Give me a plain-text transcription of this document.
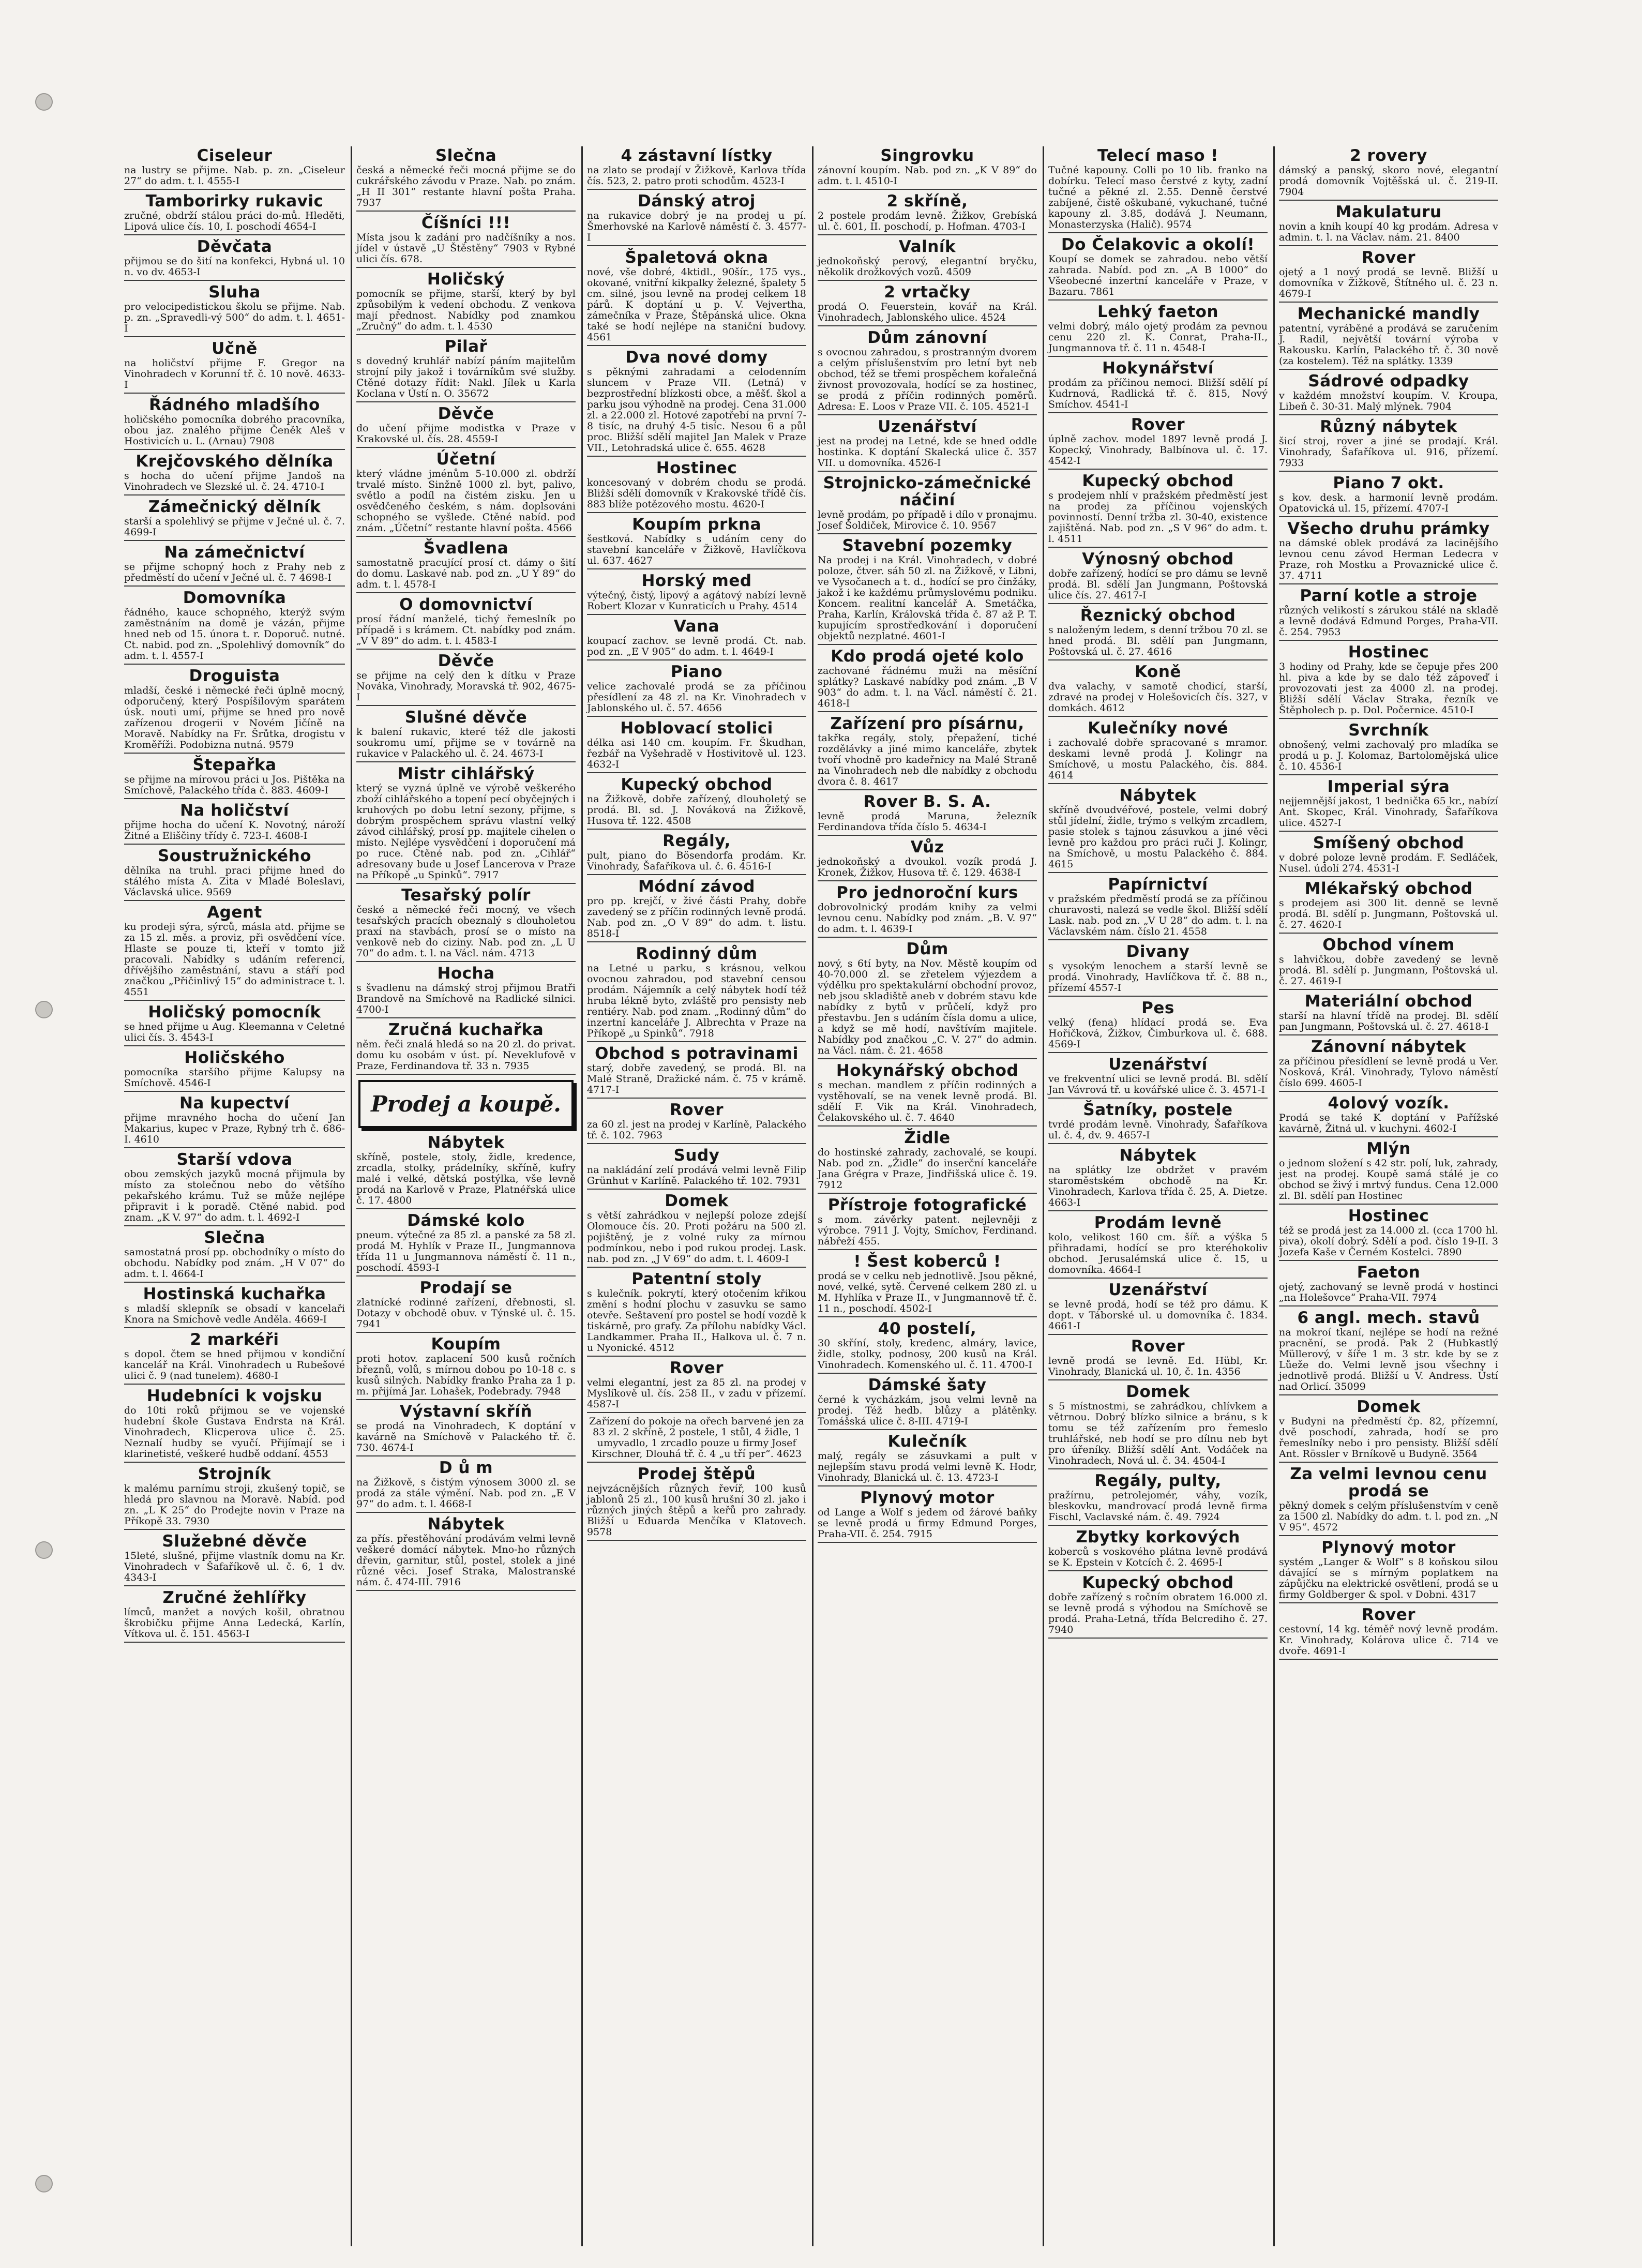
Ciseleur

na lustry se přijme. Nab. p. zn. „Ciseleur 27“ do adm. t. l. 4555-I

Tamborirky rukavic

zručné, obdrží stálou práci do-mů. Hleděti, Lipová ulice čís. 10, I. poschodí 4654-I

Děvčata

přijmou se do šití na konfekci, Hybná ul. 10 n. vo dv. 4653-I

Sluha

pro velocipedistickou školu se přijme. Nab. p. zn. „Spravedli-vý 500“ do adm. t. l. 4651-I

Učně

na holičství přijme F. Gregor na Vinohradech v Korunní tř. č. 10 nově. 4633-I

Řádného mladšího

holičského pomocníka dobrého pracovníka, obou jaz. znalého přijme Čeněk Aleš v Hostivicích u. L. (Arnau) 7908

Krejčovského dělníka

s hocha do učení přijme Jandoš na Vinohradech ve Slezské ul. č. 24. 4710-I

Zámečnický dělník

starší a spolehlivý se přijme v Ječné ul. č. 7. 4699-I

Na zámečnictví

se přijme schopný hoch z Prahy neb z předměstí do učení v Ječné ul. č. 7 4698-I

Domovníka

řádného, kauce schopného, kterýž svým zaměstnáním na domě je vázán, přijme hned neb od 15. února t. r. Doporuč. nutné. Ct. nabid. pod zn. „Spolehlivý domovník“ do adm. t. l. 4557-I

Droguista

mladší, české i německé řeči úplně mocný, odporučený, který Pospíšilovým sparátem úsk. nouti umí, přijme se hned pro nově zařízenou drogerii v Novém Jičíně na Moravě. Nabídky na Fr. Šrůtka, drogistu v Kroměříži. Podobizna nutná. 9579

Štepařka

se přijme na mírovou práci u Jos. Pištěka na Smíchově, Palackého třída č. 883. 4609-I

Na holičství

přijme hocha do učení K. Novotný, nároží Žitné a Eliščiny třídy č. 723-I. 4608-I

Soustružnického

dělníka na truhl. praci přijme hned do stálého místa A. Zita v Mladé Boleslavi, Václavská ulice. 9569

Agent

ku prodeji sýra, sýrců, másla atd. přijme se za 15 zl. měs. a proviz, při osvědčení více. Hlaste se pouze ti, kteří v tomto již pracovali. Nabídky s udáním referencí, dřívějšího zaměstnání, stavu a stáří pod značkou „Přičinlivý 15“ do administrace t. l. 4551

Holičský pomocník

se hned přijme u Aug. Kleemanna v Celetné ulici čís. 3. 4543-I

Holičského

pomocníka staršího přijme Kalupsy na Smíchově. 4546-I

Na kupectví

přijme mravného hocha do učení Jan Makarius, kupec v Praze, Rybný trh č. 686-I. 4610

Starší vdova

obou zemských jazyků mocná přijmula by místo za stolečnou nebo do většího pekařského krámu. Tuž se může nejlépe připravit i k poradě. Ctěné nabid. pod znam. „K V. 97“ do adm. t. l. 4692-I

Slečna

samostatná prosí pp. obchodníky o místo do obchodu. Nabídky pod znám. „H V 07“ do adm. t. l. 4664-I

Hostinská kuchařka

s mladší sklepník se obsadí v kancelaři Knora na Smíchově vedle Anděla. 4669-I

2 markéři

s dopol. čtem se hned přijmou v kondiční kancelář na Král. Vinohradech u Rubešové ulici č. 9 (nad tunelem). 4680-I

Hudebníci k vojsku

do 10ti roků přijmou se ve vojenské hudební škole Gustava Endrsta na Král. Vinohradech, Klicperova ulice č. 25. Neznalí hudby se vyučí. Přijímají se i klarinetisté, veškeré hudbě oddaní. 4553

Strojník

k malému parnímu stroji, zkušený topič, se hledá pro slavnou na Moravě. Nabíd. pod zn. „L K 25“ do Prodejte novin v Praze na Příkopě 33. 7930

Služebné děvče

15leté, slušné, přijme vlastník domu na Kr. Vinohradech v Šafaříkově ul. č. 6, 1 dv. 4343-I

Zručné žehlířky

límců, manžet a nových košil, obratnou škrobičku přijme Anna Ledecká, Karlín, Vítkova ul. č. 151. 4563-I

Slečna

česká a německé řeči mocná přijme se do cukrářského závodu v Praze. Nab. po znám. „H II 301“ restante hlavní pošta Praha. 7937

Číšníci !!!

Místa jsou k zadání pro nadčíšníky a nos. jídel v ústavě „U Štěstěny“ 7903 v Rybné ulici čís. 678.

Holičský

pomocník se přijme, starší, který by byl způsobilým k vedení obchodu. Z venkova mají přednost. Nabídky pod znamkou „Zručný“ do adm. t. l. 4530

Pilař

s dovedný kruhlář nabízí páním majitelům strojní pily jakož i továrníkům své služby. Ctěné dotazy řídit: Nakl. Jílek u Karla Koclana v Ústí n. O. 35672

Děvče

do učení přijme modistka v Praze v Krakovské ul. čís. 28. 4559-I

Účetní

který vládne jménům 5-10.000 zl. obdrží trvalé místo. Sinžně 1000 zl. byt, palivo, světlo a podíl na čistém zisku. Jen u osvědčeného českém, s nám. doplsováni schopného se vyšlede. Ctěné nabíd. pod znám. „Účetní“ restante hlavní pošta. 4566

Švadlena

samostatně pracující prosí ct. dámy o šití do domu. Laskavé nab. pod zn. „U Y 89“ do adm. t. l. 4578-I

O domovnictví

prosí řádní manželé, tichý řemeslník po případě i s krámem. Ct. nabídky pod znám. „V V 89“ do adm. t. l. 4583-I

Děvče

se přijme na celý den k dítku v Praze Nováka, Vinohrady, Moravská tř. 902, 4675-I

Slušné děvče

k balení rukavic, které též dle jakosti soukromu umí, přijme se v továrně na rukavice v Palackého ul. č. 24. 4673-I

Mistr cihlářský

který se vyzná úplně ve výrobě veškerého zboží cihlářského a topení pecí obyčejných i kruhových po dobu letní sezony, přijme, s dobrým prospěchem správu vlastní velký závod cihlářský, prosí pp. majitele cihelen o místo. Nejlépe vysvědčení i doporučení má po ruce. Ctěné nab. pod zn. „Cihlář“ adresovany bude u Josef Lancerova v Praze na Příkopě „u Spinků“. 7917

Tesařský polír

české a německé řeči mocný, ve všech tesařských pracích obeznalý s dlouholetou praxí na stavbách, prosí se o místo na venkově neb do ciziny. Nab. pod zn. „L U 70“ do adm. t. l. na Václ. nám. 4713

Hocha

s švadlenu na dámský stroj přijmou Bratři Brandově na Smíchově na Radlické silnici. 4700-I

Zručná kuchařka

něm. řeči znalá hledá so na 20 zl. do privat. domu ku osobám v úst. pí. Neveklufově v Praze, Ferdinandova tř. 33 n. 7935

Prodej a koupě.
Nábytek

skříně, postele, stoly, židle, kredence, zrcadla, stolky, prádelníky, skříně, kufry malé i velké, dětská postýlka, vše levně prodá na Karlově v Praze, Platnéřská ulice č. 17. 4800

Dámské kolo

pneum. výtečné za 85 zl. a panské za 58 zl. prodá M. Hyhlík v Praze II., Jungmannova třída 11 u Jungmannova náměstí č. 11 n., poschodí. 4593-I

Prodají se

zlatnícké rodinné zařízení, dřebnosti, sl. Dotazy v obchodě obuv. v Týnské ul. č. 15. 7941

Koupím

proti hotov. zaplacení 500 kusů ročních březnů, volů, s mírnou dobou po 10-18 c. s kusů silných. Nabídky franko Praha za 1 p. m. přijímá Jar. Lohašek, Podebrady. 7948

Výstavní skříň

se prodá na Vinohradech, K doptání v kavárně na Smíchově v Palackého tř. č. 730. 4674-I

D ů m

na Žižkově, s čistým výnosem 3000 zl. se prodá za stále výmění. Nab. pod zn. „E V 97“ do adm. t. l. 4668-I

Nábytek

za přís. přestěhování prodávám velmi levně veškeré domácí nábytek. Mno-ho různých dřevin, garnitur, stůl, postel, stolek a jiné různé věci. Josef Straka, Malostranské nám. č. 474-III. 7916

4 zástavní lístky

na zlato se prodají v Žižkově, Karlova třída čís. 523, 2. patro proti schodům. 4523-I

Dánský atroj

na rukavice dobrý je na prodej u pí. Šmerhovské na Karlově náměstí č. 3. 4577-I

Špaletová okna

nové, vše dobré, 4ktidl., 90šír., 175 vys., okované, vnitřní kikpalky železné, špalety 5 cm. silné, jsou levně na prodej celkem 18 párů. K doptání u p. V. Vejvertha, zámečníka v Praze, Štěpánská ulice. Okna také se hodí nejlépe na staniční budovy. 4561

Dva nové domy

s pěknými zahradami a celodenním sluncem v Praze VII. (Letná) v bezprostřední blízkosti obce, a měšť. škol a parku jsou výhodně na prodej. Cena 31.000 zl. a 22.000 zl. Hotové zapotřebí na první 7-8 tisíc, na druhý 4-5 tisíc. Nesou 6 a půl proc. Bližší sdělí majitel Jan Malek v Praze VII., Letohradská ulice č. 655. 4628

Hostinec

koncesovaný v dobrém chodu se prodá. Bližší sdělí domovník v Krakovské třídě čís. 883 blíže potězového mostu. 4620-I

Koupím prkna

šestková. Nabídky s udáním ceny do stavební kanceláře v Žižkově, Havlíčkova ul. 637. 4627

Horský med

výtečný, čistý, lipový a agátový nabízí levně Robert Klozar v Kunraticích u Prahy. 4514

Vana

koupací zachov. se levně prodá. Ct. nab. pod zn. „E V 905“ do adm. t. l. 4649-I

Piano

velice zachovalé prodá se za příčinou přesídlení za 48 zl. na Kr. Vinohradech v Jablonského ul. č. 57. 4656

Hoblovací stolici

délka asi 140 cm. koupím. Fr. Škudhan, řezbář na Vyšehradě v Hostivitově ul. 123. 4632-I

Kupecký obchod

na Žižkově, dobře zařízený, dlouholetý se prodá. Bl. sd. J. Nováková na Žižkově, Husova tř. 122. 4508

Regály,

pult, piano do Bösendorfa prodám. Kr. Vinohrady, Šafaříkova ul. č. 6. 4516-I

Módní závod

pro pp. krejčí, v živé části Prahy, dobře zavedený se z příčin rodinných levně prodá. Nab. pod zn. „O V 89“ do adm. t. listu. 8518-I

Rodinný dům

na Letné u parku, s krásnou, velkou ovocnou zahradou, pod stavební censou prodám. Nájemník a celý nábytek hodí též hruba lékně byto, zvláště pro pensisty neb rentiéry. Nab. pod znam. „Rodinný dům“ do inzertní kanceláře J. Albrechta v Praze na Příkopě „u Spinků“. 7918

Obchod s potravinami

starý, dobře zavedený, se prodá. Bl. na Malé Straně, Dražické nám. č. 75 v krámě. 4717-I

Rover

za 60 zl. jest na prodej v Karlíně, Palackého tř. č. 102. 7963

Sudy

na nakládání zelí prodává velmi levně Filip Grünhut v Karlíně. Palackého tř. 102. 7931

Domek

s větší zahrádkou v nejlepší poloze zdejší Olomouce čís. 20. Proti požáru na 500 zl. pojištěný, je z volné ruky za mírnou podmínkou, nebo i pod rukou prodej. Lask. nab. pod zn. „J V 69“ do adm. t. l. 4609-I

Patentní stoly

s kulečník. pokrytí, který otočením křikou změní s hodní plochu v zasuvku se samo otevře. Seštavení pro postel se hodí vozdě k tiskárně, pro grafy. Za přílohu nabídky Václ. Landkammer. Praha II., Halkova ul. č. 7 n. u Nyonické. 4512

Rover

velmi elegantní, jest za 85 zl. na prodej v Myslíkově ul. čís. 258 II., v zadu v přízemí. 4587-I

Zařízení do pokoje na ořech barvené jen za 83 zl. 2 skříně, 2 postele, 1 stůl, 4 židle, 1 umyvadlo, 1 zrcadlo pouze u firmy Josef Kirschner, Dlouhá tř. č. 4 „u tří per“. 4623

Prodej štěpů

nejvzácnějších různých řevíř, 100 kusů jablonů 25 zl., 100 kusů hrušní 30 zl. jako i různých jiných štěpů a keřů pro zahrady. Bližší u Eduarda Menčíka v Klatovech. 9578

Singrovku

zánovní koupím. Nab. pod zn. „K V 89“ do adm. t. l. 4510-I

2 skříně,

2 postele prodám levně. Žižkov, Grebíská ul. č. 601, II. poschodí, p. Hofman. 4703-I

Valník

jednokoňský perový, elegantní bryčku, několik drožkových vozů. 4509

2 vrtačky

prodá O. Feuerstein, kovář na Král. Vinohradech, Jablonského ulice. 4524

Dům zánovní

s ovocnou zahradou, s prostranným dvorem a celým příslušenstvím pro letní byt neb obchod, též se třemi prospěchem kořalečná živnost provozovala, hodící se za hostinec, se prodá z příčin rodinných poměrů. Adresa: E. Loos v Praze VII. č. 105. 4521-I

Uzenářství

jest na prodej na Letné, kde se hned oddle hostinka. K doptání Skalecká ulice č. 357 VII. u domovníka. 4526-I

Strojnicko-zámečnické náčiní

levně prodám, po případě i dílo v pronajmu. Josef Šoldiček, Mirovice č. 10. 9567

Stavební pozemky

Na prodej i na Král. Vinohradech, v dobré poloze, čtver. sáh 50 zl. na Žižkově, v Libni, ve Vysočanech a t. d., hodící se pro činžáky, jakož i ke každému průmyslovému podniku. Koncem. realitní kancelář A. Smetáčka, Praha, Karlín, Královská třída č. 87 až P. T. kupujícím sprostředkování i doporučení objektů nezplatné. 4601-I

Kdo prodá ojeté kolo

zachované řádnému muži na měsíční splátky? Laskavé nabídky pod znám. „B V 903“ do adm. t. l. na Václ. náměstí č. 21. 4618-I

Zařízení pro písárnu,

takřka regály, stoly, přepažení, tiché rozdělávky a jiné mimo kanceláře, zbytek tvoří vhodně pro kadeřnicy na Malé Straně na Vinohradech neb dle nabídky z obchodu dvora č. 8. 4617

Rover B. S. A.

levně prodá Maruna, železník Ferdinandova třída číslo 5. 4634-I

Vůz

jednokoňský a dvoukol. vozík prodá J. Kronek, Žižkov, Husova tř. č. 129. 4638-I

Pro jednoroční kurs

dobrovolnický prodám knihy za velmi levnou cenu. Nabídky pod znám. „B. V. 97“ do adm. t. l. 4639-I

Dům

nový, s 6tí byty, na Nov. Městě koupím od 40-70.000 zl. se zřetelem výjezdem a výdělku pro spektakulární obchodní provoz, neb jsou skladiště aneb v dobrém stavu kde nabídky z bytů v průčelí, když pro přestavbu. Jen s udáním čísla domu a ulice, a když se mě hodí, navštívím majitele. Nabídky pod značkou „C. V. 27“ do admin. na Václ. nám. č. 21. 4658

Hokynářský obchod

s mechan. mandlem z příčin rodinných a vystěhovalí, se na venek levně prodá. Bl. sdělí F. Vik na Král. Vinohradech, Čelakovského ul. č. 7. 4640

Židle

do hostinské zahrady, zachovalé, se koupí. Nab. pod zn. „Židle“ do inserční kanceláře Jana Grégra v Praze, Jindřišská ulice č. 19. 7912

Přístroje fotografické

s mom. závěrky patent. nejlevněji z výrobce. 7911 J. Vojty, Smíchov, Ferdinand. nábřeží 455.

! Šest koberců !

prodá se v celku neb jednotlivě. Jsou pěkné, nové, velké, sytě. Červené celkem 280 zl. u M. Hyhlíka v Praze II., v Jungmannově tř. č. 11 n., poschodí. 4502-I

40 postelí,

30 skříní, stoly, kredenc, almáry, lavice, židle, stolky, podnosy, 200 kusů na Král. Vinohradech. Komenského ul. č. 11. 4700-I

Dámské šaty

černé k vycházkám, jsou velmi levně na prodej. Též hedb. blůzy a plátěnky. Tomášská ulice č. 8-III. 4719-I

Kulečník

malý, regály se zásuvkami a pult v nejlepším stavu prodá velmi levně K. Hodr, Vinohrady, Blanická ul. č. 13. 4723-I

Plynový motor

od Lange a Wolf s jedem od žárové baňky se levně prodá u firmy Edmund Porges, Praha-VII. č. 254. 7915

Telecí maso !

Tučné kapouny. Colli po 10 lib. franko na dobírku. Telecí maso čerstvé z kyty, zadní tučné a pěkné zl. 2.55. Denně čerstvé zabíjené, čistě oškubané, vykuchané, tučné kapouny zl. 3.85, dodává J. Neumann, Monasterzyska (Halič). 9574

Do Čelakovic a okolí!

Koupí se domek se zahradou. nebo větší zahrada. Nabíd. pod zn. „A B 1000“ do Všeobecné inzertní kanceláře v Praze, v Bazaru. 7861

Lehký faeton

velmi dobrý, málo ojetý prodám za pevnou cenu 220 zl. K. Conrat, Praha-II., Jungmannova tř. č. 11 n. 4548-I

Hokynářství

prodám za příčinou nemoci. Bližší sdělí pí Kudrnová, Radlická tř. č. 815, Nový Smíchov. 4541-I

Rover

úplně zachov. model 1897 levně prodá J. Kopecký, Vinohrady, Balbínova ul. č. 17. 4542-I

Kupecký obchod

s prodejem nhlí v pražském předměstí jest na prodej za příčinou vojenských povinností. Denní tržba zl. 30-40, existence zajištěná. Nab. pod zn. „S V 96“ do adm. t. l. 4511

Výnosný obchod

dobře zařízený, hodící se pro dámu se levně prodá. Bl. sdělí Jan Jungmann, Poštovská ulice čís. 27. 4617-I

Řeznický obchod

s naloženým ledem, s denní tržbou 70 zl. se hned prodá. Bl. sdělí pan Jungmann, Poštovská ul. č. 27. 4616

Koně

dva valachy, v samotě chodicí, starší, zdravé na prodej v Holešovicích čís. 327, v domkách. 4612

Kulečníky nové

i zachovalé dobře spracované s mramor. deskami levně prodá J. Kolingr na Smíchově, u mostu Palackého, čís. 884. 4614

Nábytek

skříně dvoudvéřové, postele, velmi dobrý stůl jídelní, židle, trýmo s velkým zrcadlem, pasie stolek s tajnou zásuvkou a jiné věci levně pro každou pro práci ruči J. Kolingr, na Smíchově, u mostu Palackého č. 884. 4615

Papírnictví

v pražském předměstí prodá se za příčinou churavosti, nalezá se vedle škol. Bližší sdělí Lask. nab. pod zn. „V U 28“ do adm. t. l. na Václavském nám. číslo 21. 4558

Divany

s vysokým lenochem a starší levně se prodá. Vinohrady, Havlíčkova tř. č. 88 n., přízemí 4557-I

Pes

velký (fena) hlídací prodá se. Eva Hořičková, Žižkov, Čimburkova ul. č. 688. 4569-I

Uzenářství

ve frekventní ulici se levně prodá. Bl. sdělí Jan Vávrová tř. u kovářské ulice č. 3. 4571-I

Šatníky, postele

tvrdé prodám levně. Vinohrady, Šafaříkova ul. č. 4, dv. 9. 4657-I

Nábytek

na splátky lze obdržet v pravém staroměstském obchodě na Kr. Vinohradech, Karlova třída č. 25, A. Dietze. 4663-I

Prodám levně

kolo, velikost 160 cm. šíř. a výška 5 přihradami, hodící se pro kteréhokoliv obchod. Jerusalémská ulice č. 15, u domovníka. 4664-I

Uzenářství

se levně prodá, hodí se též pro dámu. K dopt. v Táborské ul. u domovníka č. 1834. 4661-I

Rover

levně prodá se levně. Ed. Hübl, Kr. Vinohrady, Blanická ul. 10, č. 1n. 4356

Domek

s 5 místnostmi, se zahrádkou, chlívkem a větrnou. Dobrý blízko silnice a bránu, s k tomu se též zařízením pro řemeslo truhlářské, neb hodí se pro dílnu neb byt pro úřeníky. Bližší sdělí Ant. Vodáček na Vinohradech, Nová ul. č. 34. 4504-I

Regály, pulty,

pražírnu, petrolejomér, váhy, vozík, bleskovku, mandrovací prodá levně firma Fischl, Vaclavské nám. č. 49. 7924

Zbytky korkových

koberců s voskového plátna levně prodává se K. Epstein v Kotcích č. 2. 4695-I

Kupecký obchod

dobře zařízený s ročním obratem 16.000 zl. se levně prodá s výhodou na Smíchově se prodá. Praha-Letná, třída Belcrediho č. 27. 7940

2 rovery

dámský a panský, skoro nové, elegantní prodá domovník Vojtěšská ul. č. 219-II. 7904

Makulaturu

novin a knih koupí 40 kg prodám. Adresa v admin. t. l. na Václav. nám. 21. 8400

Rover

ojetý a 1 nový prodá se levně. Bližší u domovníka v Žižkově, Štítného ul. č. 23 n. 4679-I

Mechanické mandly

patentní, vyráběné a prodává se zaručením J. Radil, největší tovární výroba v Rakousku. Karlín, Palackého tř. č. 30 nově (za kostelem). Též na splátky. 1339

Sádrové odpadky

v každém množství koupím. V. Kroupa, Libeň č. 30-31. Malý mlýnek. 7904

Různý nábytek

šicí stroj, rover a jiné se prodají. Král. Vinohrady, Šafaříkova ul. 916, přízemí. 7933

Piano 7 okt.

s kov. desk. a harmonií levně prodám. Opatovická ul. 15, přízemí. 4707-I

Všecho druhu prámky

na dámské oblek prodává za lacinějšího levnou cenu závod Herman Ledecra v Praze, roh Mostku a Provaznické ulice č. 37. 4711

Parní kotle a stroje

různých velikostí s zárukou stálé na skladě a levně dodává Edmund Porges, Praha-VII. č. 254. 7953

Hostinec

3 hodiny od Prahy, kde se čepuje přes 200 hl. piva a kde by se dalo též zápoveď i provozovati jest za 4000 zl. na prodej. Bližší sdělí Václav Straka, řezník ve Štěpholech p. p. Dol. Počernice. 4510-I

Svrchník

obnošený, velmi zachovalý pro mladíka se prodá u p. J. Kolomaz, Bartolomějská ulice č. 10. 4536-I

Imperial sýra

nejjemnější jakost, 1 bednička 65 kr., nabízí Ant. Skopec, Král. Vinohrady, Šafaříkova ulice. 4527-I

Smíšený obchod

v dobré poloze levně prodám. F. Sedláček, Nusel. údolí 274. 4531-I

Mlékařský obchod

s prodejem asi 300 lit. denně se levně prodá. Bl. sdělí p. Jungmann, Poštovská ul. č. 27. 4620-I

Obchod vínem

s lahvičkou, dobře zavedený se levně prodá. Bl. sdělí p. Jungmann, Poštovská ul. č. 27. 4619-I

Materiální obchod

starší na hlavní třídě na prodej. Bl. sdělí pan Jungmann, Poštovská ul. č. 27. 4618-I

Zánovní nábytek

za příčinou přesídlení se levně prodá u Ver. Nosková, Král. Vinohrady, Tylovo náměstí číslo 699. 4605-I

4olový vozík.

Prodá se také K doptání v Pařížské kavárně, Žitná ul. v kuchyni. 4602-I

Mlýn

o jednom složení s 42 str. polí, luk, zahrady, jest na prodej. Koupě samá stálé je co obchod se živý i mrtvý fundus. Cena 12.000 zl. Bl. sdělí pan Hostinec

Hostinec

též se prodá jest za 14.000 zl. (cca 1700 hl. piva), okolí dobrý. Sdělí a pod. číslo 19-II. 3 Jozefa Kaše v Černém Kostelci. 7890

Faeton

ojetý, zachovaný se levně prodá v hostinci „na Holešovce“ Praha-VII. 7974

6 angl. mech. stavů

na mokroí tkaní, nejlépe se hodí na režné pracnění, se prodá. Pak 2 (Hubkastlý Müllerový, v šíře 1 m. 3 str. kde by se z Lůeže do. Velmi levně jsou všechny i jednotlivě prodá. Bližší u V. Andress. Ústí nad Orlicí. 35099

Domek

v Budyni na předměstí čp. 82, přízemní, dvě poschodí, zahrada, hodí se pro řemeslníky nebo i pro pensisty. Bližší sdělí Ant. Rössler v Brníkově u Budyně. 3564

Za velmi levnou cenu prodá se

pěkný domek s celým příslušenstvím v ceně za 1500 zl. Nabídky do adm. t. l. pod zn. „N V 95“. 4572

Plynový motor

systém „Langer & Wolf“ s 8 koňskou silou dávající se s mírným poplatkem na zápůjčku na elektrické osvětlení, prodá se u firmy Goldberger & spol. v Dobni. 4317

Rover

cestovní, 14 kg. téměř nový levně prodám. Kr. Vinohrady, Kolárova ulice č. 714 ve dvoře. 4691-I
